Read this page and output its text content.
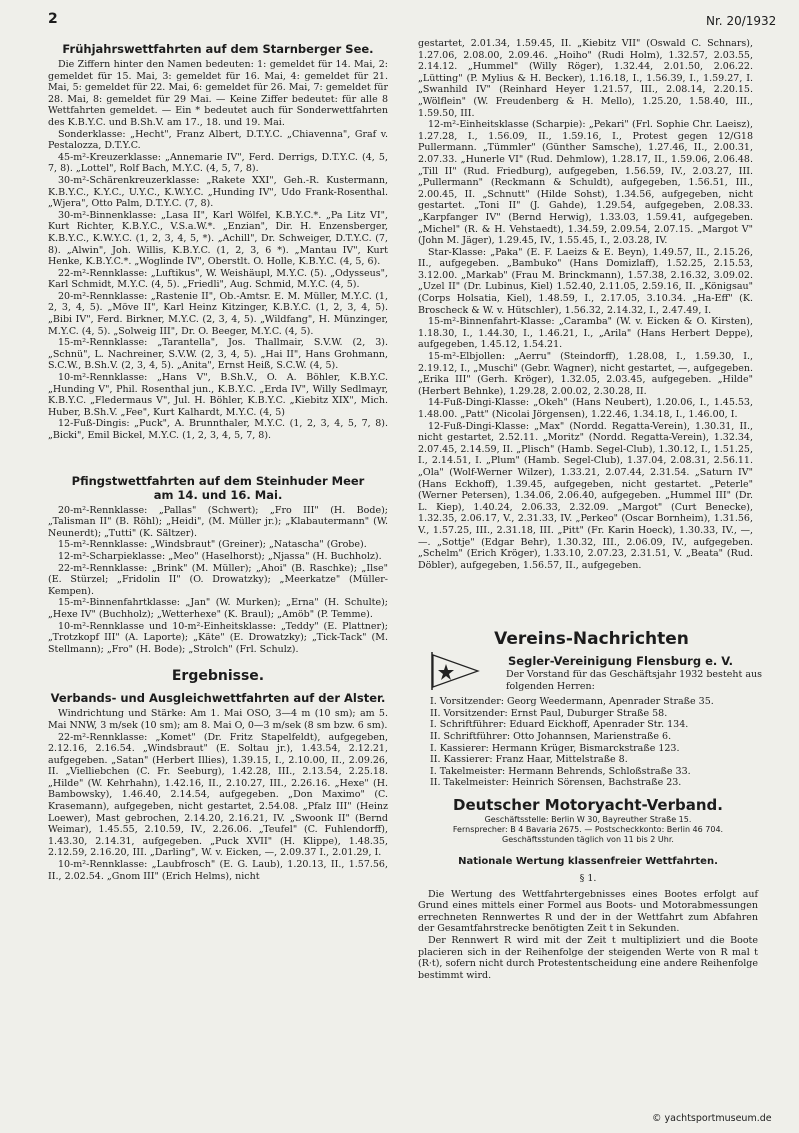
2	Nr. 20/1932
Frühjahrswettfahrten auf dem Starnberger See.

Die Ziffern hinter den Namen bedeuten: 1: gemeldet für 14. Mai, 2: gemeldet für 15. Mai, 3: gemeldet für 16. Mai, 4: gemeldet für 21. Mai, 5: gemeldet für 22. Mai, 6: gemeldet für 26. Mai, 7: gemeldet für 28. Mai, 8: gemeldet für 29 Mai. — Keine Ziffer bedeutet: für alle 8 Wettfahrten gemeldet. — Ein * bedeutet auch für Sonderwettfahrten des K.B.Y.C. und B.Sh.V. am 17., 18. und 19. Mai.

Sonderklasse: „Hecht", Franz Albert, D.T.Y.C. „Chiavenna", Graf v. Pestalozza, D.T.Y.C.

45-m²-Kreuzerklasse: „Annemarie IV", Ferd. Derrigs, D.T.Y.C. (4, 5, 7, 8). „Lottel", Rolf Bach, M.Y.C. (4, 5, 7, 8).

30-m²-Schärenkreuzerklasse: „Rakete XXI", Geh.-R. Kustermann, K.B.Y.C., K.Y.C., U.Y.C., K.W.Y.C. „Hunding IV", Udo Frank-Rosenthal. „Wjera", Otto Palm, D.T.Y.C. (7, 8).

30-m²-Binnenklasse: „Lasa II", Karl Wölfel, K.B.Y.C.*. „Pa Litz VI", Kurt Richter, K.B.Y.C., V.S.a.W.*. „Enzian", Dir. H. Enzensberger, K.B.Y.C., K.W.Y.C. (1, 2, 3, 4, 5, *). „Achill", Dr. Schweiger, D.T.Y.C. (7, 8). „Alwin", Joh. Willis, K.B.Y.C. (1, 2, 3, 6 *). „Mantau IV", Kurt Henke, K.B.Y.C.*. „Woglinde IV", Oberstlt. O. Holle, K.B.Y.C. (4, 5, 6).

22-m²-Rennklasse: „Luftikus", W. Weishäupl, M.Y.C. (5). „Odysseus", Karl Schmidt, M.Y.C. (4, 5). „Friedli", Aug. Schmid, M.Y.C. (4, 5).

20-m²-Rennklasse: „Rastenie II", Ob.-Amtsr. E. M. Müller, M.Y.C. (1, 2, 3, 4, 5). „Möve II", Karl Heinz Kitzinger, K.B.Y.C. (1, 2, 3, 4, 5). „Bibi IV", Ferd. Birkner, M.Y.C. (2, 3, 4, 5). „Wildfang", H. Münzinger, M.Y.C. (4, 5). „Solweig III", Dr. O. Beeger, M.Y.C. (4, 5).

15-m²-Rennklasse: „Tarantella", Jos. Thallmair, S.V.W. (2, 3). „Schnü", L. Nachreiner, S.V.W. (2, 3, 4, 5). „Hai II", Hans Grohmann, S.C.W., B.Sh.V. (2, 3, 4, 5). „Anita", Ernst Heiß, S.C.W. (4, 5).

10-m²-Rennklasse: „Hans V", B.Sh.V., O. A. Böhler, K.B.Y.C. „Hunding V", Phil. Rosenthal jun., K.B.Y.C. „Erda IV", Willy Sedlmayr, K.B.Y.C. „Fledermaus V", Jul. H. Böhler, K.B.Y.C. „Kiebitz XIX", Mich. Huber, B.Sh.V. „Fee", Kurt Kalhardt, M.Y.C. (4, 5)

12-Fuß-Dingis: „Puck", A. Brunnthaler, M.Y.C. (1, 2, 3, 4, 5, 7, 8). „Bicki", Emil Bickel, M.Y.C. (1, 2, 3, 4, 5, 7, 8).

Pfingstwettfahrten auf dem Steinhuder Meer
am 14. und 16. Mai.

20-m²-Rennklasse: „Pallas" (Schwert); „Fro III" (H. Bode); „Talisman II" (B. Röhl); „Heidi", (M. Müller jr.); „Klabautermann" (W. Neunerdt); „Tutti" (K. Sältzer).

15-m²-Rennklasse: „Windsbraut" (Greiner); „Natascha" (Grobe).

12-m²-Scharpieklasse: „Meo" (Haselhorst); „Njassa" (H. Buchholz).

22-m²-Rennklasse: „Brink" (M. Müller); „Ahoi" (B. Raschke); „Ilse" (E. Stürzel; „Fridolin II" (O. Drowatzky); „Meerkatze" (Müller-Kempen).

15-m²-Binnenfahrtklasse: „Jan" (W. Murken); „Erna" (H. Schulte); „Hexe IV" (Buchholz); „Wetterhexe" (K. Braul); „Amöb" (P. Temme).

10-m²-Rennklasse und 10-m²-Einheitsklasse: „Teddy" (E. Plattner); „Trotzkopf III" (A. Laporte); „Käte" (E. Drowatzky); „Tick-Tack" (M. Stellmann); „Fro" (H. Bode); „Strolch" (Frl. Schulz).

Ergebnisse.
Verbands- und Ausgleichwettfahrten auf der Alster.

Windrichtung und Stärke: Am 1. Mai OSO, 3—4 m (10 sm); am 5. Mai NNW, 3 m/sek (10 sm); am 8. Mai O, 0—3 m/sek (8 sm bzw. 6 sm).

22-m²-Rennklasse: „Komet" (Dr. Fritz Stapelfeldt), aufgegeben, 2.12.16, 2.16.54. „Windsbraut" (E. Soltau jr.), 1.43.54, 2.12.21, aufgegeben. „Satan" (Herbert Illies), 1.39.15, I., 2.10.00, II., 2.09.26, II. „Vielliebchen (C. Fr. Seeburg), 1.42.28, III., 2.13.54, 2.25.18. „Hilde" (W. Kehrhahn), 1.42.16, II., 2.10.27, III., 2.26.16. „Hexe" (H. Bambowsky), 1.46.40, 2.14.54, aufgegeben. „Don Maximo" (C. Krasemann), aufgegeben, nicht gestartet, 2.54.08. „Pfalz III" (Heinz Loewer), Mast gebrochen, 2.14.20, 2.16.21, IV. „Swoonk II" (Bernd Weimar), 1.45.55, 2.10.59, IV., 2.26.06. „Teufel" (C. Fuhlendorff), 1.43.30, 2.14.31, aufgegeben. „Puck XVII" (H. Klippe), 1.48.35, 2.12.59, 2.16.20, III. „Darling", W. v. Eicken, —, 2.09.37 I., 2.01.29, I.

10-m²-Rennklasse: „Laubfrosch" (E. G. Laub), 1.20.13, II., 1.57.56, II., 2.02.54. „Gnom III" (Erich Helms), nicht

gestartet, 2.01.34, 1.59.45, II. „Kiebitz VII" (Oswald C. Schnars), 1.27.06, 2.08.00, 2.09.46. „Hoiho" (Rudi Holm), 1.32.57, 2.03.55, 2.14.12. „Hummel" (Willy Röger), 1.32.44, 2.01.50, 2.06.22. „Lütting" (P. Mylius & H. Becker), 1.16.18, I., 1.56.39, I., 1.59.27, I. „Swanhild IV" (Reinhard Heyer 1.21.57, III., 2.08.14, 2.20.15. „Wölflein" (W. Freudenberg & H. Mello), 1.25.20, 1.58.40, III., 1.59.50, III.

12-m²-Einheitsklasse (Scharpie): „Pekari" (Frl. Sophie Chr. Laeisz), 1.27.28, I., 1.56.09, II., 1.59.16, I., Protest gegen 12/G18 Pullermann. „Tümmler" (Günther Samsche), 1.27.46, II., 2.00.31, 2.07.33. „Hunerle VI" (Rud. Dehmlow), 1.28.17, II., 1.59.06, 2.06.48. „Till II" (Rud. Friedburg), aufgegeben, 1.56.59, IV., 2.03.27, III. „Pullermann" (Reckmann & Schuldt), aufgegeben, 1.56.51, III., 2.00.45, II. „Schnutt" (Hilde Sohst), 1.34.56, aufgegeben, nicht gestartet. „Toni II" (J. Gahde), 1.29.54, aufgegeben, 2.08.33. „Karpfanger IV" (Bernd Herwig), 1.33.03, 1.59.41, aufgegeben. „Michel" (R. & H. Vehstaedt), 1.34.59, 2.09.54, 2.07.15. „Margot V" (John M. Jäger), 1.29.45, IV., 1.55.45, I., 2.03.28, IV.

Star-Klasse: „Paka" (E. F. Laeizs & E. Beyn), 1.49.57, II., 2.15.26, II., aufgegeben. „Bambuko" (Hans Domizlaff), 1.52.25, 2.15.53, 3.12.00. „Markab" (Frau M. Brinckmann), 1.57.38, 2.16.32, 3.09.02. „Uzel II" (Dr. Lubinus, Kiel) 1.52.40, 2.11.05, 2.59.16, II. „Königsau" (Corps Holsatia, Kiel), 1.48.59, I., 2.17.05, 3.10.34. „Ha-Eff" (K. Broscheck & W. v. Hütschler), 1.56.32, 2.14.32, I., 2.47.49, I.

15-m²-Binnenfahrt-Klasse: „Caramba" (W. v. Eicken & O. Kirsten), 1.18.30, I., 1.44.30, I., 1.46.21, I., „Arila" (Hans Herbert Deppe), aufgegeben, 1.45.12, 1.54.21.

15-m²-Elbjollen: „Aerru" (Steindorff), 1.28.08, I., 1.59.30, I., 2.19.12, I., „Muschi" (Gebr. Wagner), nicht gestartet, —, aufgegeben. „Erika III" (Gerh. Kröger), 1.32.05, 2.03.45, aufgegeben. „Hilde" (Herbert Behnke), 1.29.28, 2.00.02, 2.30.28, II.

14-Fuß-Dingi-Klasse: „Okeh" (Hans Neubert), 1.20.06, I., 1.45.53, 1.48.00. „Patt" (Nicolai Jörgensen), 1.22.46, 1.34.18, I., 1.46.00, I.

12-Fuß-Dingi-Klasse: „Max" (Nordd. Regatta-Verein), 1.30.31, II., nicht gestartet, 2.52.11. „Moritz" (Nordd. Regatta-Verein), 1.32.34, 2.07.45, 2.14.59, II. „Plisch" (Hamb. Segel-Club), 1.30.12, I., 1.51.25, I., 2.14.51, I. „Plum" (Hamb. Segel-Club), 1.37.04, 2.08.31, 2.56.11. „Ola" (Wolf-Werner Wilzer), 1.33.21, 2.07.44, 2.31.54. „Saturn IV" (Hans Eckhoff), 1.39.45, aufgegeben, nicht gestartet. „Peterle" (Werner Petersen), 1.34.06, 2.06.40, aufgegeben. „Hummel III" (Dr. L. Kiep), 1.40.24, 2.06.33, 2.32.09. „Margot" (Curt Benecke), 1.32.35, 2.06.17, V., 2.31.33, IV. „Perkeo" (Oscar Bornheim), 1.31.56, V., 1.57.25, III., 2.31.18, III. „Pitt" (Fr. Karin Hoeck), 1.30.33, IV., —, —. „Sottje" (Edgar Behr), 1.30.32, III., 2.06.09, IV., aufgegeben. „Schelm" (Erich Kröger), 1.33.10, 2.07.23, 2.31.51, V. „Beata" (Rud. Döbler), aufgegeben, 1.56.57, II., aufgegeben.

Vereins-Nachrichten
Segler-Vereinigung Flensburg e. V.
Der Vorstand für das Geschäftsjahr 1932 besteht aus folgenden Herren:
I. Vorsitzender: Georg Weedermann, Apenrader Straße 35.
II. Vorsitzender: Ernst Paul, Duburger Straße 58.
I. Schriftführer: Eduard Eickhoff, Apenrader Str. 134.
II. Schriftführer: Otto Johannsen, Marienstraße 6.
I. Kassierer: Hermann Krüger, Bismarckstraße 123.
II. Kassierer: Franz Haar, Mittelstraße 8.
I. Takelmeister: Hermann Behrends, Schloßstraße 33.
II. Takelmeister: Heinrich Sörensen, Bachstraße 23.
Deutscher Motoryacht-Verband.
Geschäftsstelle: Berlin W 30, Bayreuther Straße 15.
Fernsprecher: B 4 Bavaria 2675. — Postscheckkonto: Berlin 46 704.
Geschäftsstunden täglich von 11 bis 2 Uhr.
Nationale Wertung klassenfreier Wettfahrten.
§ 1.

Die Wertung des Wettfahrtergebnisses eines Bootes erfolgt auf Grund eines mittels einer Formel aus Boots- und Motorabmessungen errechneten Rennwertes R und der in der Wettfahrt zum Abfahren der Gesamtfahrstrecke benötigten Zeit t in Sekunden.

Der Rennwert R wird mit der Zeit t multipliziert und die Boote placieren sich in der Reihenfolge der steigenden Werte von R mal t (R·t), sofern nicht durch Protestentscheidung eine andere Reihenfolge bestimmt wird.

© yachtsportmuseum.de
